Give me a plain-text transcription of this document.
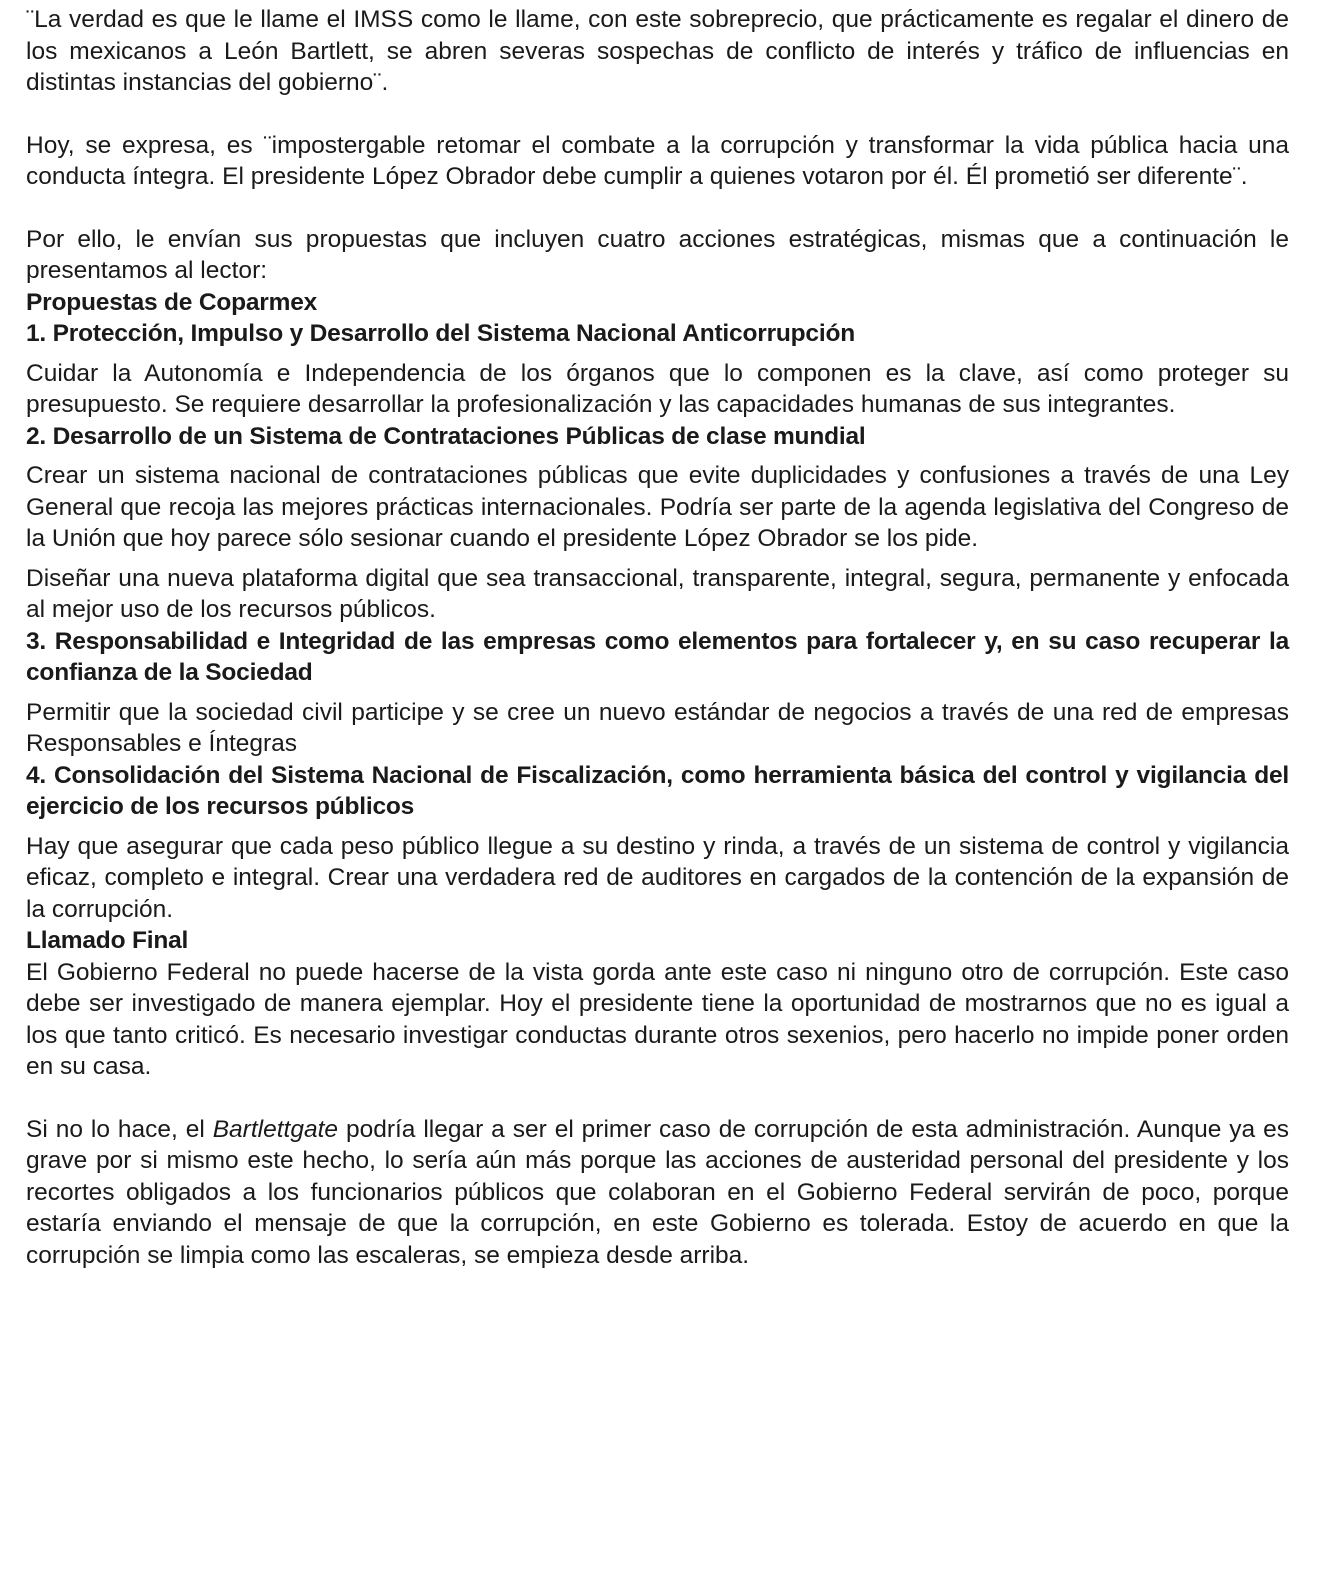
¨La verdad es que le llame el IMSS como le llame, con este sobreprecio, que prácticamente es regalar el dinero de los mexicanos a León Bartlett, se abren severas sospechas de conflicto de interés y tráfico de influencias en distintas instancias del gobierno¨.

Hoy, se expresa, es ¨impostergable retomar el combate a la corrupción y transformar la vida pública hacia una conducta íntegra. El presidente López Obrador debe cumplir a quienes votaron por él. Él prometió ser diferente¨.

Por ello, le envían sus propuestas que incluyen cuatro acciones estratégicas, mismas que a continuación le presentamos al lector:

Propuestas de Coparmex
1. Protección, Impulso y Desarrollo del Sistema Nacional Anticorrupción

Cuidar la Autonomía e Independencia de los órganos que lo componen es la clave, así como proteger su presupuesto. Se requiere desarrollar la profesionalización y las capacidades humanas de sus integrantes.

2. Desarrollo de un Sistema de Contrataciones Públicas de clase mundial

Crear un sistema nacional de contrataciones públicas que evite duplicidades y confusiones a través de una Ley General que recoja las mejores prácticas internacionales. Podría ser parte de la agenda legislativa del Congreso de la Unión que hoy parece sólo sesionar cuando el presidente López Obrador se los pide.

Diseñar una nueva plataforma digital que sea transaccional, transparente, integral, segura, permanente y enfocada al mejor uso de los recursos públicos.

3. Responsabilidad e Integridad de las empresas como elementos para fortalecer y, en su caso recuperar la confianza de la Sociedad

Permitir que la sociedad civil participe y se cree un nuevo estándar de negocios a través de una red de empresas Responsables e Íntegras

4. Consolidación del Sistema Nacional de Fiscalización, como herramienta básica del control y vigilancia del ejercicio de los recursos públicos

Hay que asegurar que cada peso público llegue a su destino y rinda, a través de un sistema de control y vigilancia eficaz, completo e integral. Crear una verdadera red de auditores en cargados de la contención de la expansión de la corrupción.

Llamado Final

El Gobierno Federal no puede hacerse de la vista gorda ante este caso ni ninguno otro de corrupción. Este caso debe ser investigado de manera ejemplar. Hoy el presidente tiene la oportunidad de mostrarnos que no es igual a los que tanto criticó. Es necesario investigar conductas durante otros sexenios, pero hacerlo no impide poner orden en su casa.

Si no lo hace, el Bartlettgate podría llegar a ser el primer caso de corrupción de esta administración. Aunque ya es grave por si mismo este hecho, lo sería aún más porque las acciones de austeridad personal del presidente y los recortes obligados a los funcionarios públicos que colaboran en el Gobierno Federal servirán de poco, porque estaría enviando el mensaje de que la corrupción, en este Gobierno es tolerada. Estoy de acuerdo en que la corrupción se limpia como las escaleras, se empieza desde arriba.
